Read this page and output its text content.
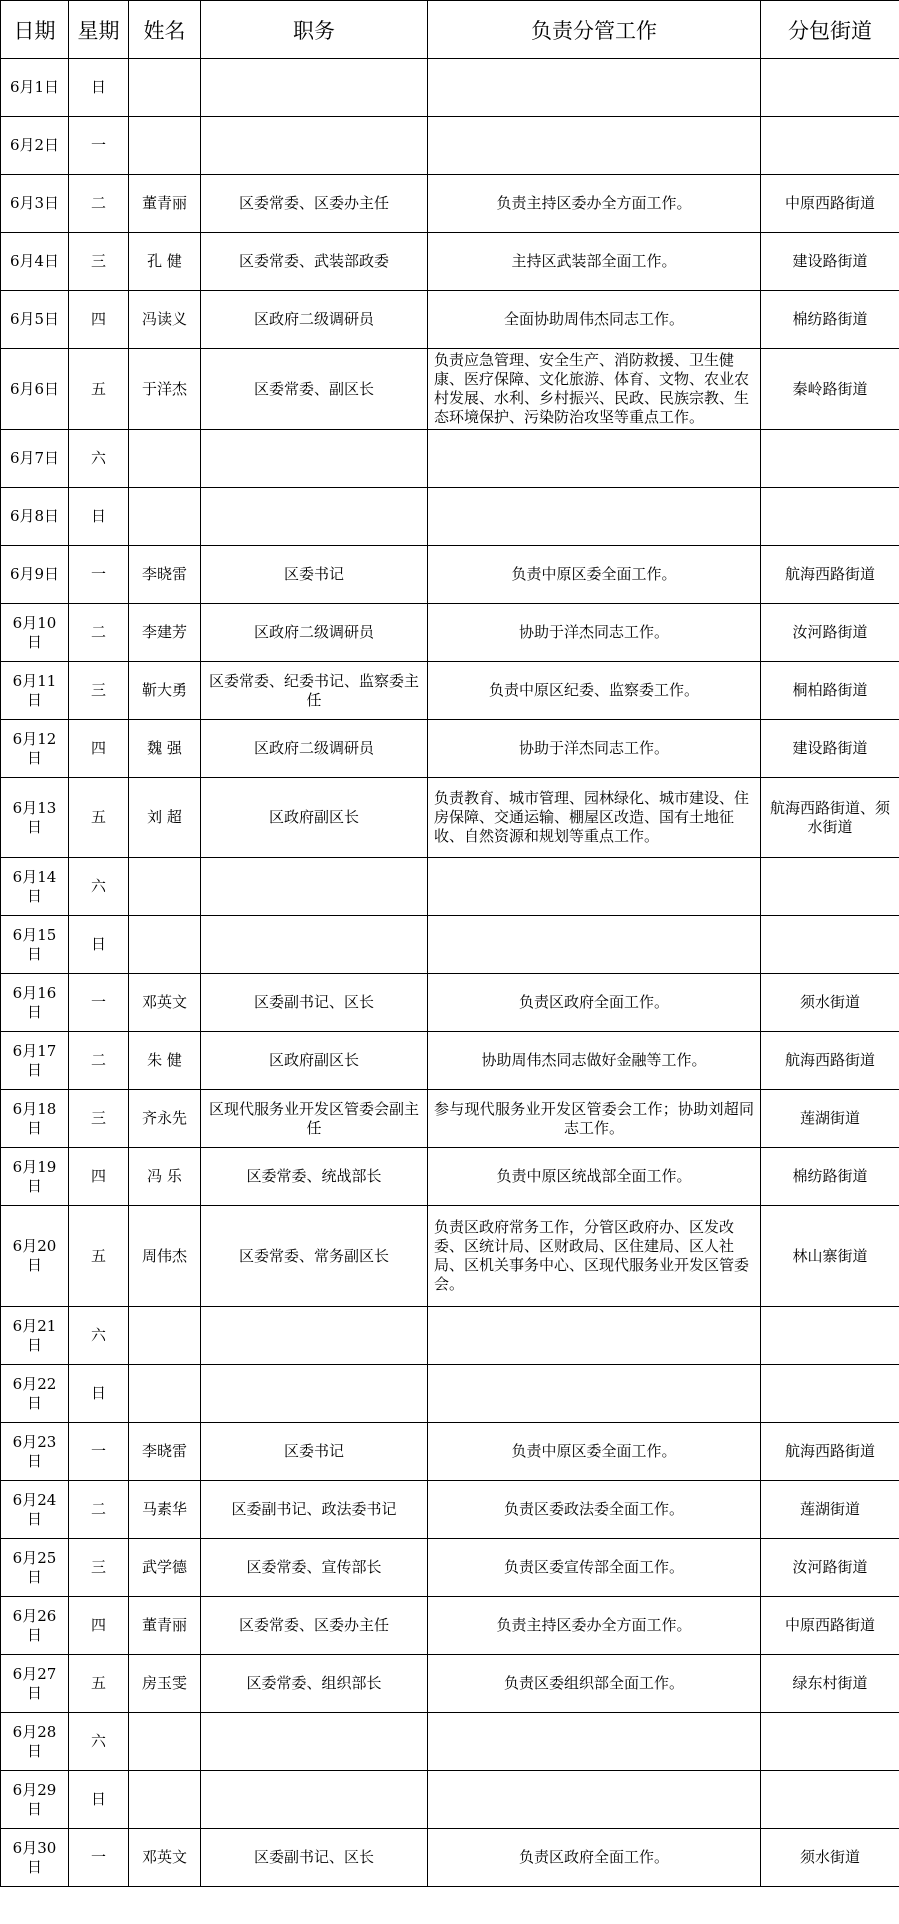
日期	星期	姓名	职务	负责分管工作	分包街道
6月1日	日				
6月2日	一				
6月3日	二	董青丽	区委常委、区委办主任	负责主持区委办全方面工作。	中原西路街道
6月4日	三	孔 健	区委常委、武装部政委	主持区武装部全面工作。	建设路街道
6月5日	四	冯读义	区政府二级调研员	全面协助周伟杰同志工作。	棉纺路街道
6月6日	五	于洋杰	区委常委、副区长	负责应急管理、安全生产、消防救援、卫生健康、医疗保障、文化旅游、体育、文物、农业农村发展、水利、乡村振兴、民政、民族宗教、生态环境保护、污染防治攻坚等重点工作。	秦岭路街道
6月7日	六				
6月8日	日				
6月9日	一	李晓雷	区委书记	负责中原区委全面工作。	航海西路街道
6月10日	二	李建芳	区政府二级调研员	协助于洋杰同志工作。	汝河路街道
6月11日	三	靳大勇	区委常委、纪委书记、监察委主任	负责中原区纪委、监察委工作。	桐柏路街道
6月12日	四	魏 强	区政府二级调研员	协助于洋杰同志工作。	建设路街道
6月13日	五	刘 超	区政府副区长	负责教育、城市管理、园林绿化、城市建设、住房保障、交通运输、棚屋区改造、国有土地征收、自然资源和规划等重点工作。	航海西路街道、须水街道
6月14日	六				
6月15日	日				
6月16日	一	邓英文	区委副书记、区长	负责区政府全面工作。	须水街道
6月17日	二	朱 健	区政府副区长	协助周伟杰同志做好金融等工作。	航海西路街道
6月18日	三	齐永先	区现代服务业开发区管委会副主任	参与现代服务业开发区管委会工作；协助刘超同志工作。	莲湖街道
6月19日	四	冯 乐	区委常委、统战部长	负责中原区统战部全面工作。	棉纺路街道
6月20日	五	周伟杰	区委常委、常务副区长	负责区政府常务工作，分管区政府办、区发改委、区统计局、区财政局、区住建局、区人社局、区机关事务中心、区现代服务业开发区管委会。	林山寨街道
6月21日	六				
6月22日	日				
6月23日	一	李晓雷	区委书记	负责中原区委全面工作。	航海西路街道
6月24日	二	马素华	区委副书记、政法委书记	负责区委政法委全面工作。	莲湖街道
6月25日	三	武学德	区委常委、宣传部长	负责区委宣传部全面工作。	汝河路街道
6月26日	四	董青丽	区委常委、区委办主任	负责主持区委办全方面工作。	中原西路街道
6月27日	五	房玉雯	区委常委、组织部长	负责区委组织部全面工作。	绿东村街道
6月28日	六				
6月29日	日				
6月30日	一	邓英文	区委副书记、区长	负责区政府全面工作。	须水街道
